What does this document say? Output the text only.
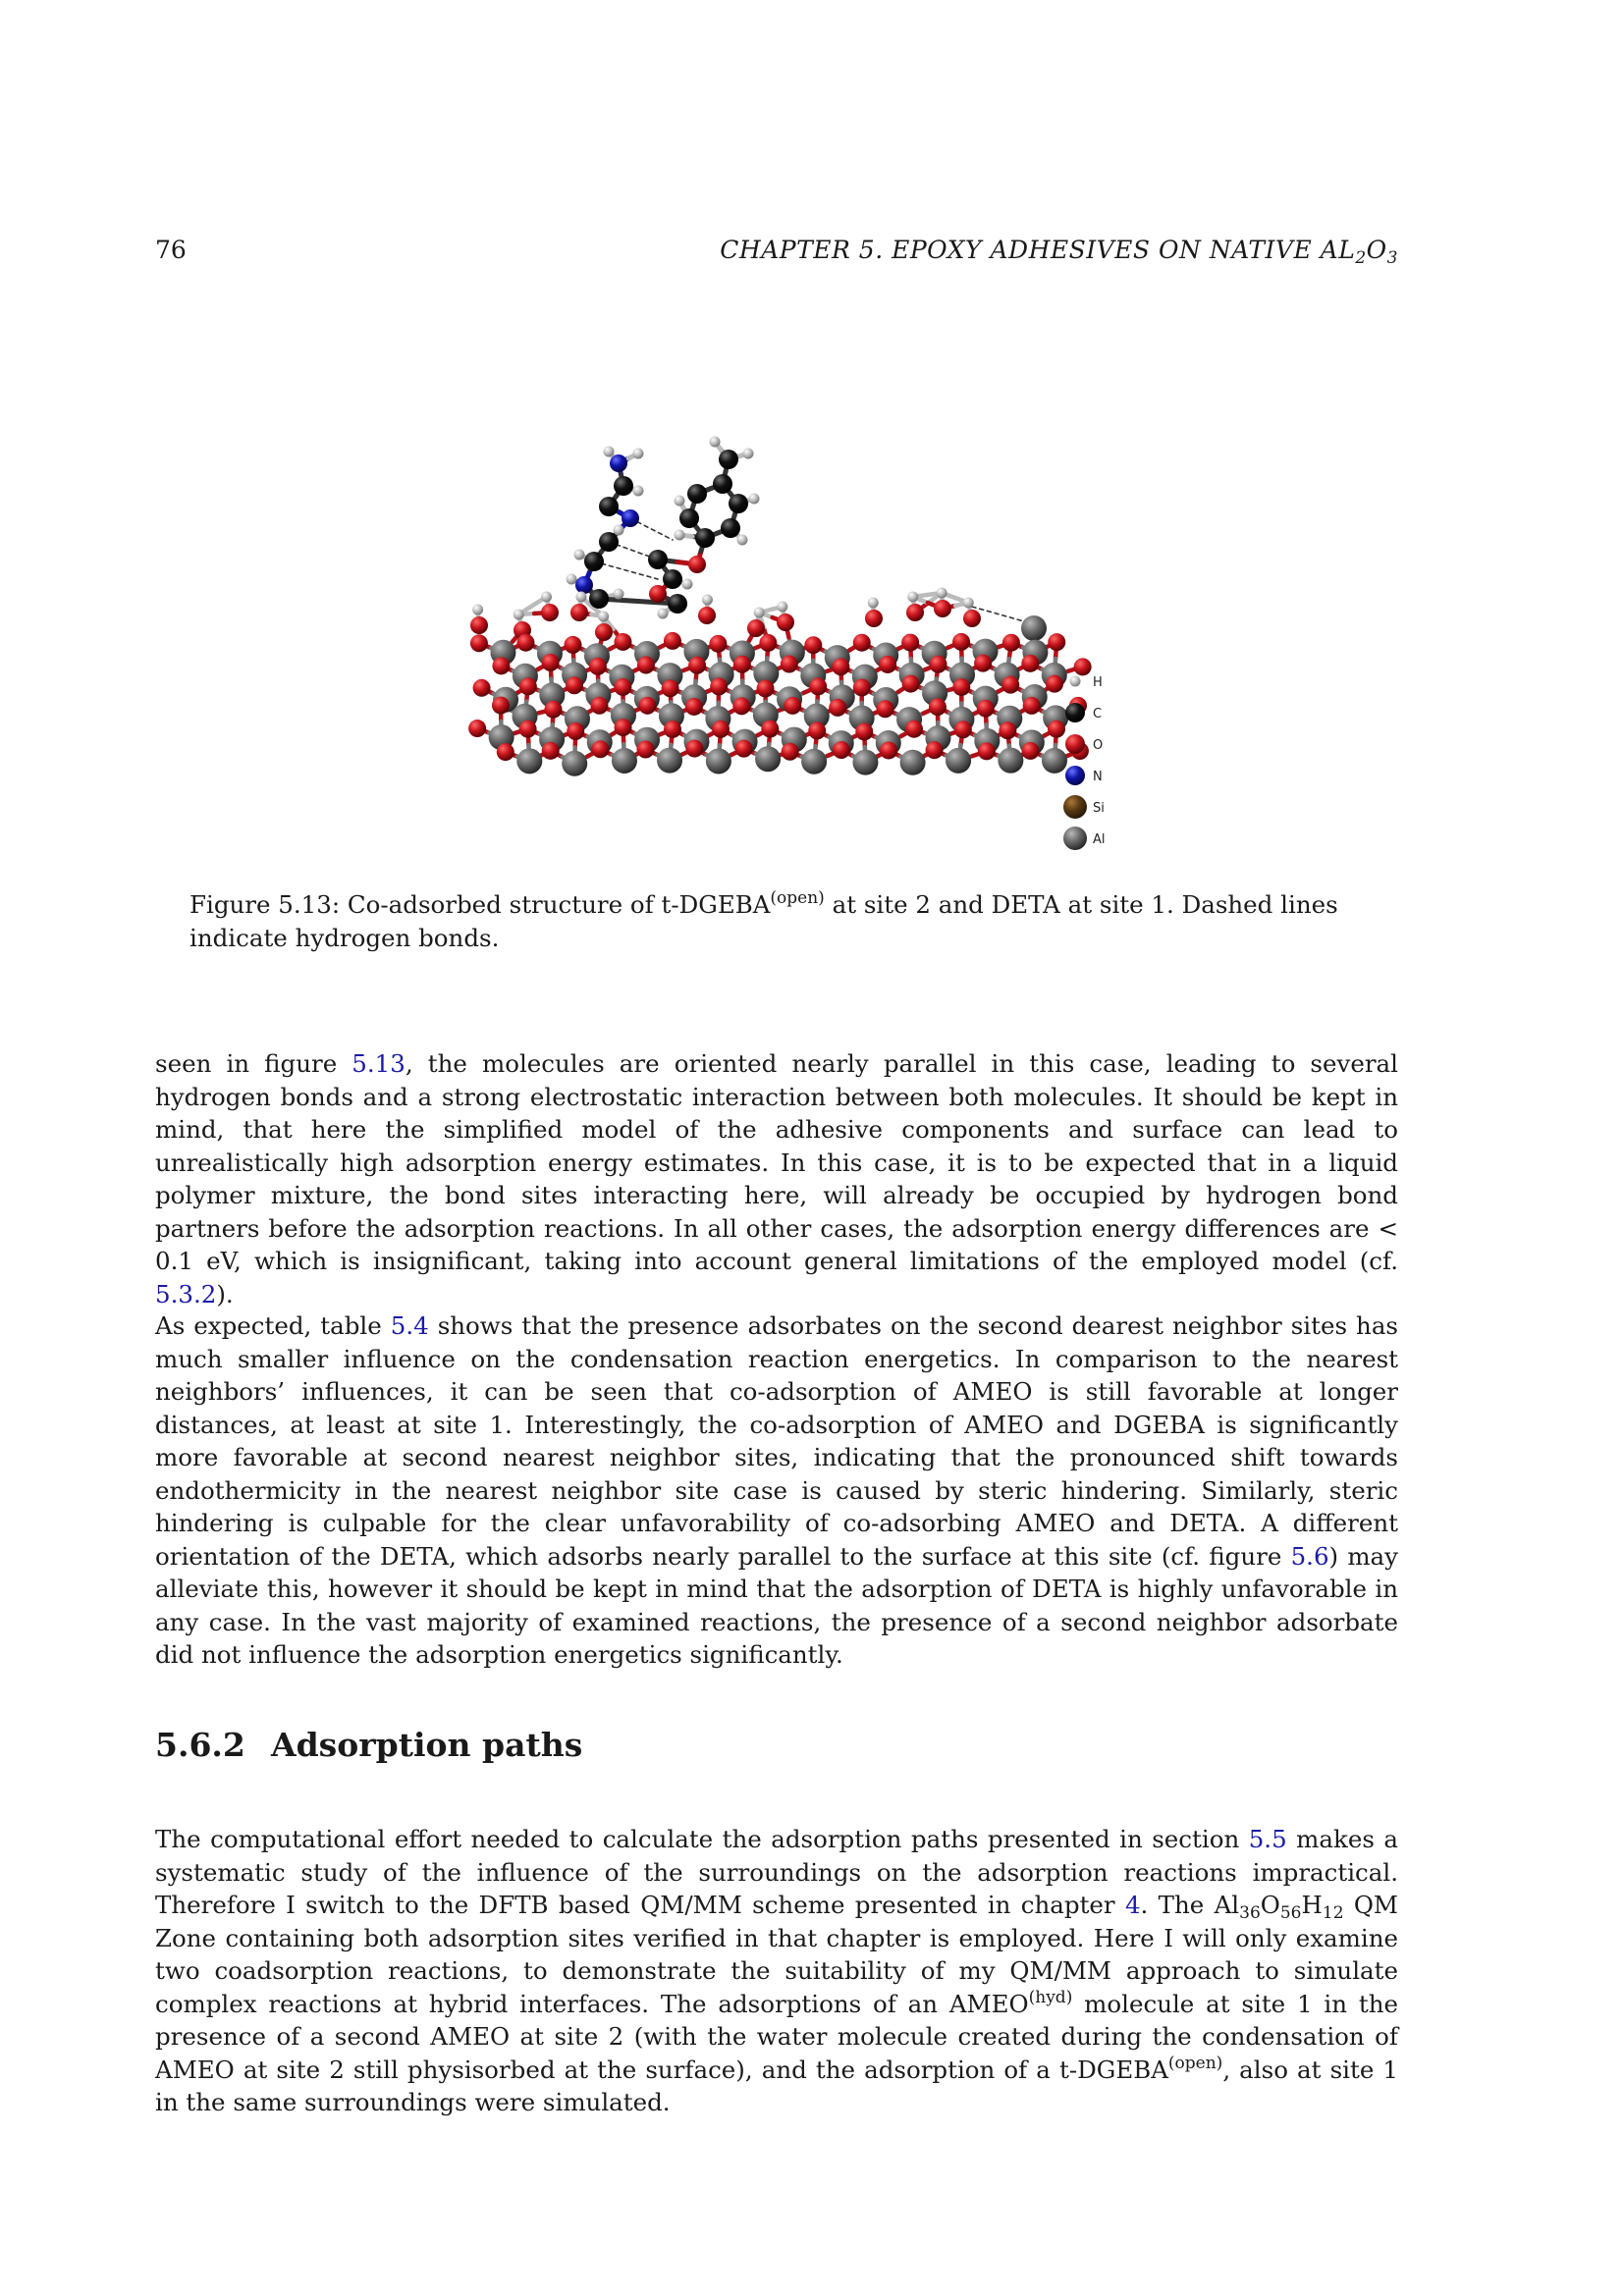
76	CHAPTER 5. EPOXY ADHESIVES ON NATIVE $AL_2O_3$
H
C
O
N
Si
Al
Figure 5.13: Co-adsorbed structure of $t-DGEBA^{(open)}$ at site 2 and DETA at site 1. Dashed lines indicate hydrogen bonds.
seen in figure 5.13, the molecules are oriented nearly parallel in this case, leading to several hydrogen bonds and a strong electrostatic interaction between both molecules. It should be kept in mind, that here the simplified model of the adhesive components and surface can lead to unrealistically high adsorption energy estimates. In this case, it is to be expected that in a liquid polymer mixture, the bond sites interacting here, will already be occupied by hydrogen bond partners before the adsorption reactions. In all other cases, the adsorption energy differences are < 0.1 eV, which is insignificant, taking into account general limitations of the employed model (cf. 5.3.2).
As expected, table 5.4 shows that the presence adsorbates on the second dearest neighbor sites has much smaller influence on the condensation reaction energetics. In comparison to the nearest neighbors’ influences, it can be seen that co-adsorption of AMEO is still favorable at longer distances, at least at site 1. Interestingly, the co-adsorption of AMEO and DGEBA is significantly more favorable at second nearest neighbor sites, indicating that the pronounced shift towards endothermicity in the nearest neighbor site case is caused by steric hindering. Similarly, steric hindering is culpable for the clear unfavorability of co-adsorbing AMEO and DETA. A different orientation of the DETA, which adsorbs nearly parallel to the surface at this site (cf. figure 5.6) may alleviate this, however it should be kept in mind that the adsorption of DETA is highly unfavorable in any case. In the vast majority of examined reactions, the presence of a second neighbor adsorbate did not influence the adsorption energetics significantly.
5.6.2 Adsorption paths
The computational effort needed to calculate the adsorption paths presented in section 5.5 makes a systematic study of the influence of the surroundings on the adsorption reactions impractical. Therefore I switch to the DFTB based QM/MM scheme presented in chapter 4. The $Al_{36}O_{56}H_{12}$ QM Zone containing both adsorption sites verified in that chapter is employed. Here I will only examine two coadsorption reactions, to demonstrate the suitability of my QM/MM approach to simulate complex reactions at hybrid interfaces. The adsorptions of an $AMEO^{(hyd)}$ molecule at site 1 in the presence of a second AMEO at site 2 (with the water molecule created during the condensation of AMEO at site 2 still physisorbed at the surface), and the adsorption of a $t-DGEBA^{(open)}$, also at site 1 in the same surroundings were simulated.
